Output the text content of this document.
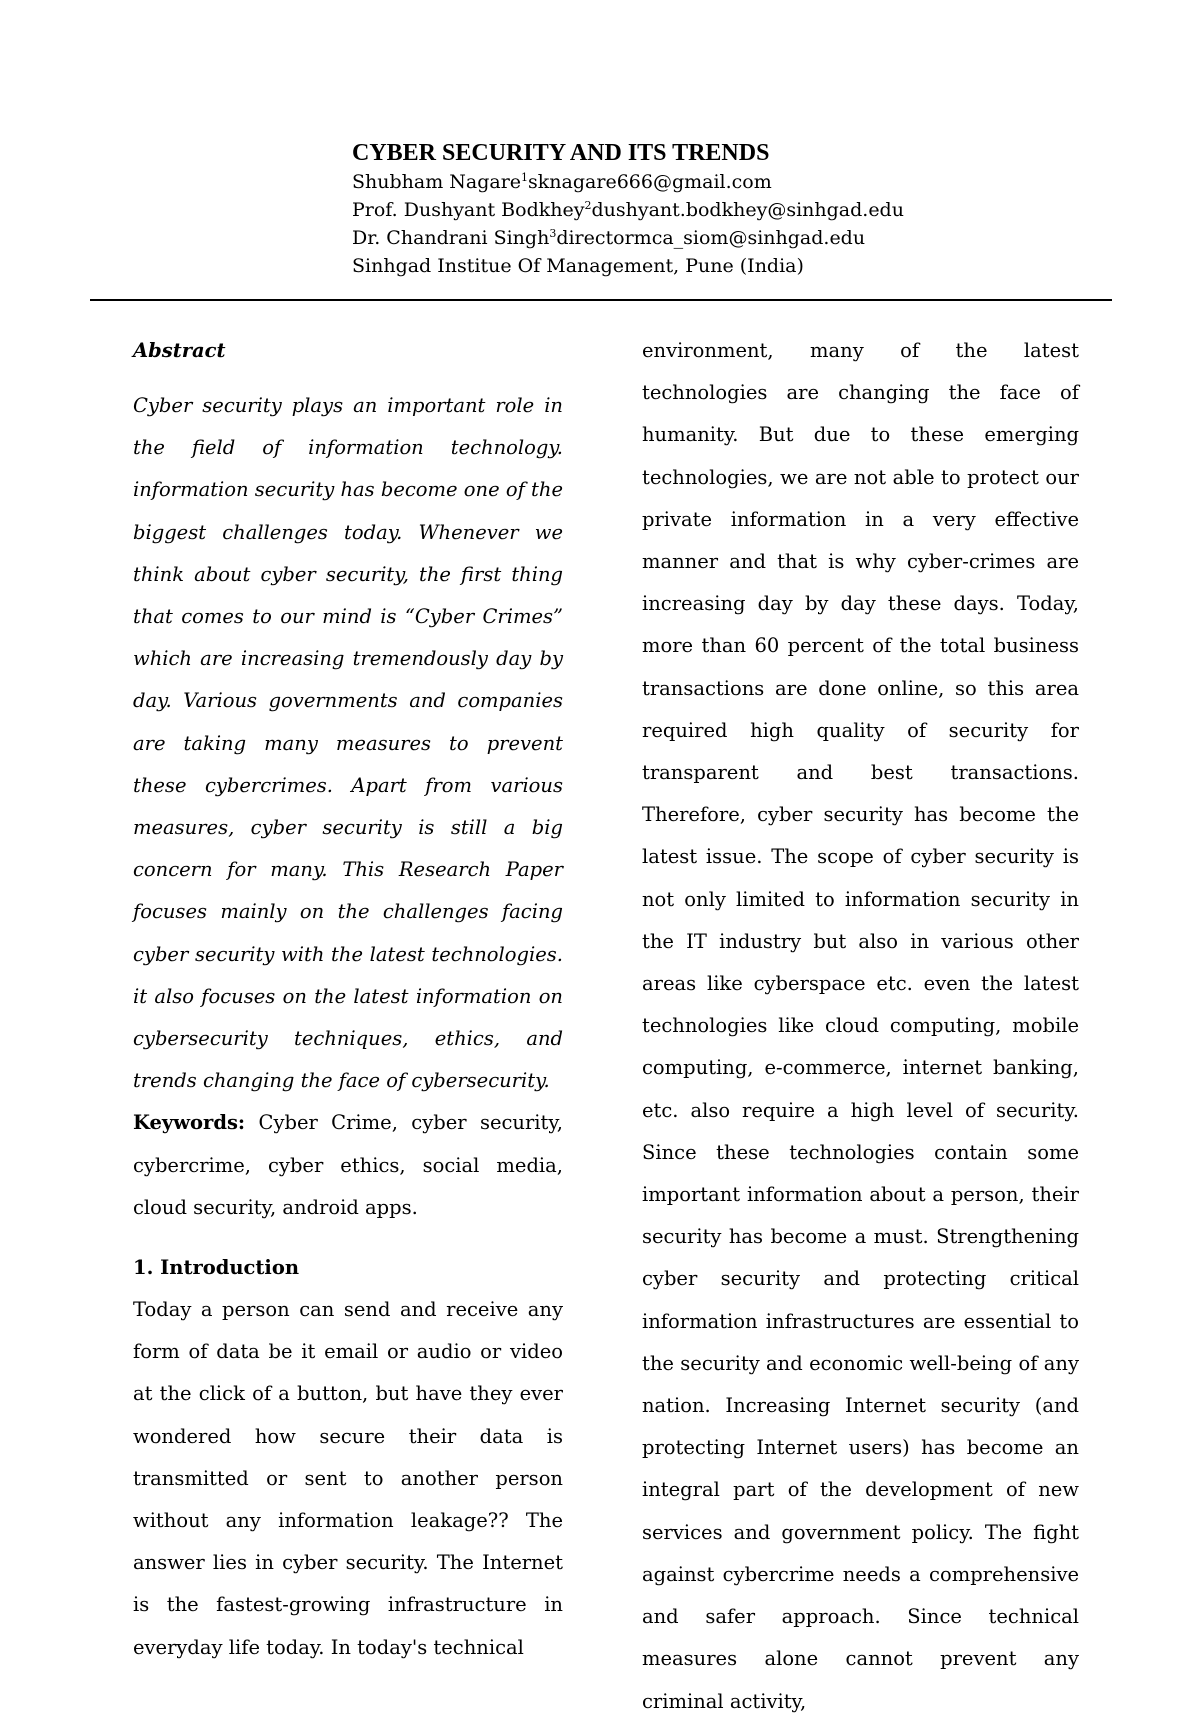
CYBER SECURITY AND ITS TRENDS
Shubham Nagare$^1$sknagare666@gmail.com
Prof. Dushyant Bodkhey$^2$dushyant.bodkhey@sinhgad.edu
Dr. Chandrani Singh$^3$directormca_siom@sinhgad.edu
Sinhgad Institue Of Management, Pune (India)

Abstract

Cyber security plays an important role in the field of information technology. information security has become one of the biggest challenges today. Whenever we think about cyber security, the first thing that comes to our mind is “Cyber Crimes” which are increasing tremendously day by day. Various governments and companies are taking many measures to prevent these cybercrimes. Apart from various measures, cyber security is still a big concern for many. This Research Paper focuses mainly on the challenges facing cyber security with the latest technologies. it also focuses on the latest information on cybersecurity techniques, ethics, and trends changing the face of cybersecurity.

Keywords: Cyber Crime, cyber security, cybercrime, cyber ethics, social media, cloud security, android apps.

1. Introduction

Today a person can send and receive any form of data be it email or audio or video at the click of a button, but have they ever wondered how secure their data is transmitted or sent to another person without any information leakage?? The answer lies in cyber security. The Internet is the fastest-growing infrastructure in everyday life today. In today's technical

environment, many of the latest technologies are changing the face of humanity. But due to these emerging technologies, we are not able to protect our private information in a very effective manner and that is why cyber-crimes are increasing day by day these days. Today, more than 60 percent of the total business transactions are done online, so this area required high quality of security for transparent and best transactions. Therefore, cyber security has become the latest issue. The scope of cyber security is not only limited to information security in the IT industry but also in various other areas like cyberspace etc. even the latest technologies like cloud computing, mobile computing, e-commerce, internet banking, etc. also require a high level of security. Since these technologies contain some important information about a person, their security has become a must. Strengthening cyber security and protecting critical information infrastructures are essential to the security and economic well-being of any nation. Increasing Internet security (and protecting Internet users) has become an integral part of the development of new services and government policy. The fight against cybercrime needs a comprehensive and safer approach. Since technical measures alone cannot prevent any criminal activity,
